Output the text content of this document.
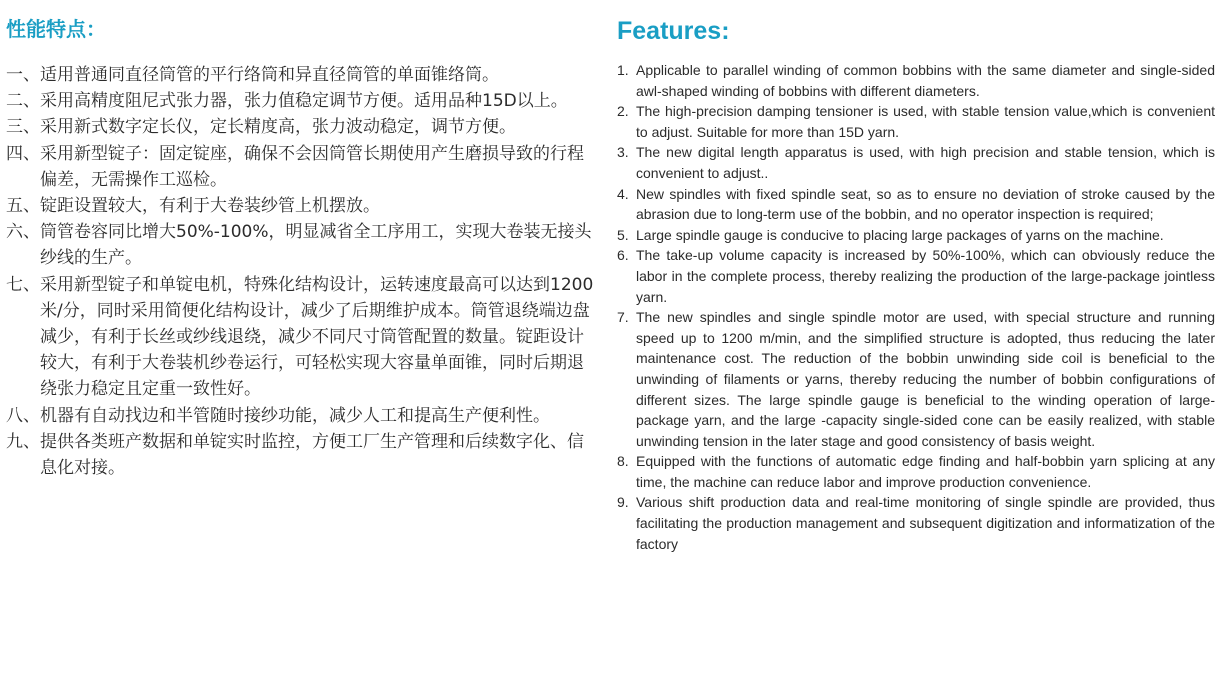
性能特点：
一、 适用普通同直径筒管的平行络筒和异直径筒管的单面锥络筒。
二、 采用高精度阻尼式张力器，张力值稳定调节方便。适用品种15D以上。
三、 采用新式数字定长仪，定长精度高，张力波动稳定，调节方便。
四、 采用新型锭子：固定锭座，确保不会因筒管长期使用产生磨损导致的行程偏差，无需操作工巡检。
五、 锭距设置较大，有利于大卷装纱管上机摆放。
六、 筒管卷容同比增大50%-100%，明显减省全工序用工，实现大卷装无接头纱线的生产。
七、 采用新型锭子和单锭电机，特殊化结构设计，运转速度最高可以达到1200米/分，同时采用简便化结构设计，减少了后期维护成本。筒管退绕端边盘减少，有利于长丝或纱线退绕，减少不同尺寸筒管配置的数量。锭距设计较大，有利于大卷装机纱卷运行，可轻松实现大容量单面锥，同时后期退绕张力稳定且定重一致性好。
八、 机器有自动找边和半管随时接纱功能，减少人工和提高生产便利性。
九、 提供各类班产数据和单锭实时监控，方便工厂生产管理和后续数字化、信息化对接。
Features:
1. Applicable to parallel winding of common bobbins with the same diameter and single-sided awl-shaped winding of bobbins with different diameters.
2. The high-precision damping tensioner is used, with stable tension value,which is convenient to adjust. Suitable for more than 15D yarn.
3. The new digital length apparatus is used, with high precision and stable tension, which is convenient to adjust..
4. New spindles with fixed spindle seat, so as to ensure no deviation of stroke caused by the abrasion due to long-term use of the bobbin, and no operator inspection is required;
5. Large spindle gauge is conducive to placing large packages of yarns on the machine.
6. The take-up volume capacity is increased by 50%-100%, which can obviously reduce the labor in the complete process, thereby realizing the production of the large-package jointless yarn.
7. The new spindles and single spindle motor are used, with special structure and running speed up to 1200 m/min, and the simplified structure is adopted, thus reducing the later maintenance cost. The reduction of the bobbin unwinding side coil is beneficial to the unwinding of filaments or yarns, thereby reducing the number of bobbin configurations of different sizes. The large spindle gauge is beneficial to the winding operation of large-package yarn, and the large -capacity single-sided cone can be easily realized, with stable unwinding tension in the later stage and good consistency of basis weight.
8. Equipped with the functions of automatic edge finding and half-bobbin yarn splicing at any time, the machine can reduce labor and improve production convenience.
9. Various shift production data and real-time monitoring of single spindle are provided, thus facilitating the production management and subsequent digitization and informatization of the factory
